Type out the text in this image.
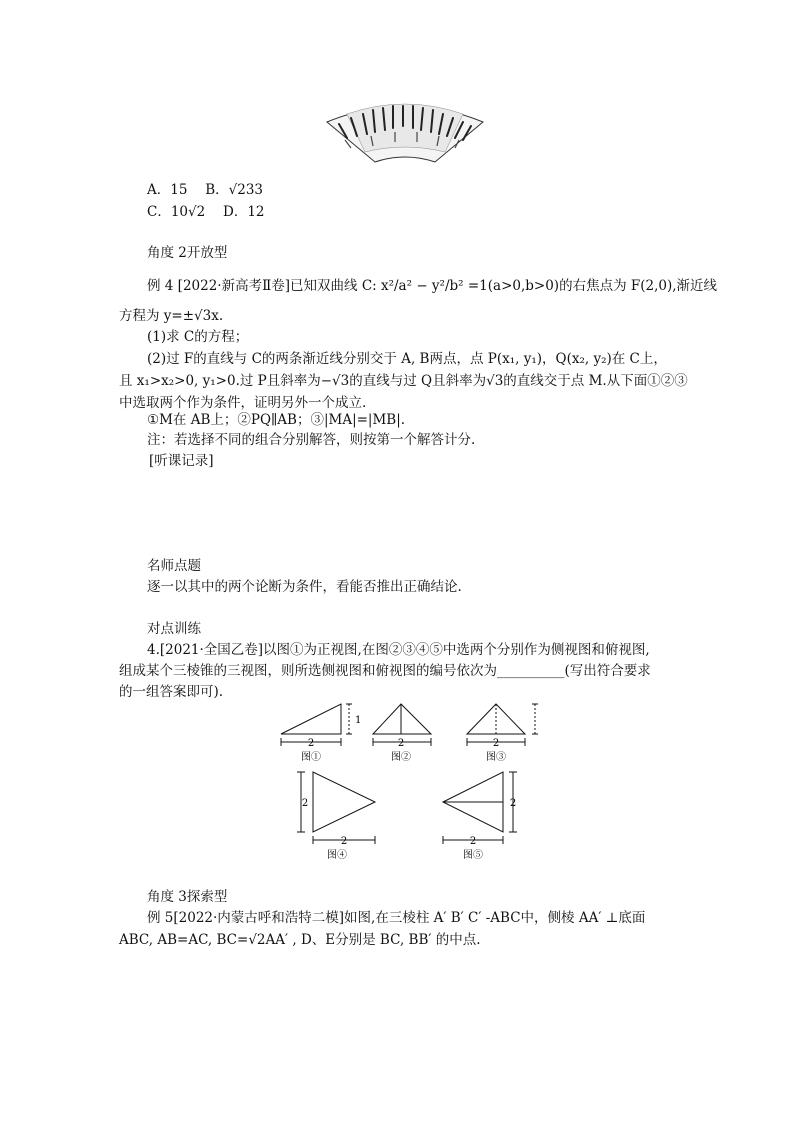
A．15　 B．√233
C．10√2　 D．12
角度 2开放型
例 4 [2022·新高考Ⅱ卷]已知双曲线 C: x²/a² − y²/b² =1(a>0,b>0)的右焦点为 F(2,0),渐近线
方程为 y=±√3x.
(1)求 C的方程；
(2)过 F的直线与 C的两条渐近线分别交于 A, B两点，点 P(x₁, y₁)，Q(x₂, y₂)在 C上，
且 x₁>x₂>0, y₁>0.过 P且斜率为−√3的直线与过 Q且斜率为√3的直线交于点 M.从下面①②③
中选取两个作为条件，证明另外一个成立.
①M在 AB上；②PQ∥AB；③|MA|=|MB|.
注：若选择不同的组合分别解答，则按第一个解答计分.
[听课记录]
名师点题
逐一以其中的两个论断为条件，看能否推出正确结论.
对点训练
4.[2021·全国乙卷]以图①为正视图,在图②③④⑤中选两个分别作为侧视图和俯视图,
组成某个三棱锥的三视图，则所选侧视图和俯视图的编号依次为__________(写出符合要求
的一组答案即可).
2
1
图①
2
图②
2
图③
2
2
图④
2
2
图⑤
角度 3探索型
例 5[2022·内蒙古呼和浩特二模]如图,在三棱柱 A′ B′ C′ -ABC中，侧棱 AA′ ⊥底面
ABC, AB=AC, BC=√2AA′ , D、E分别是 BC, BB′ 的中点.
